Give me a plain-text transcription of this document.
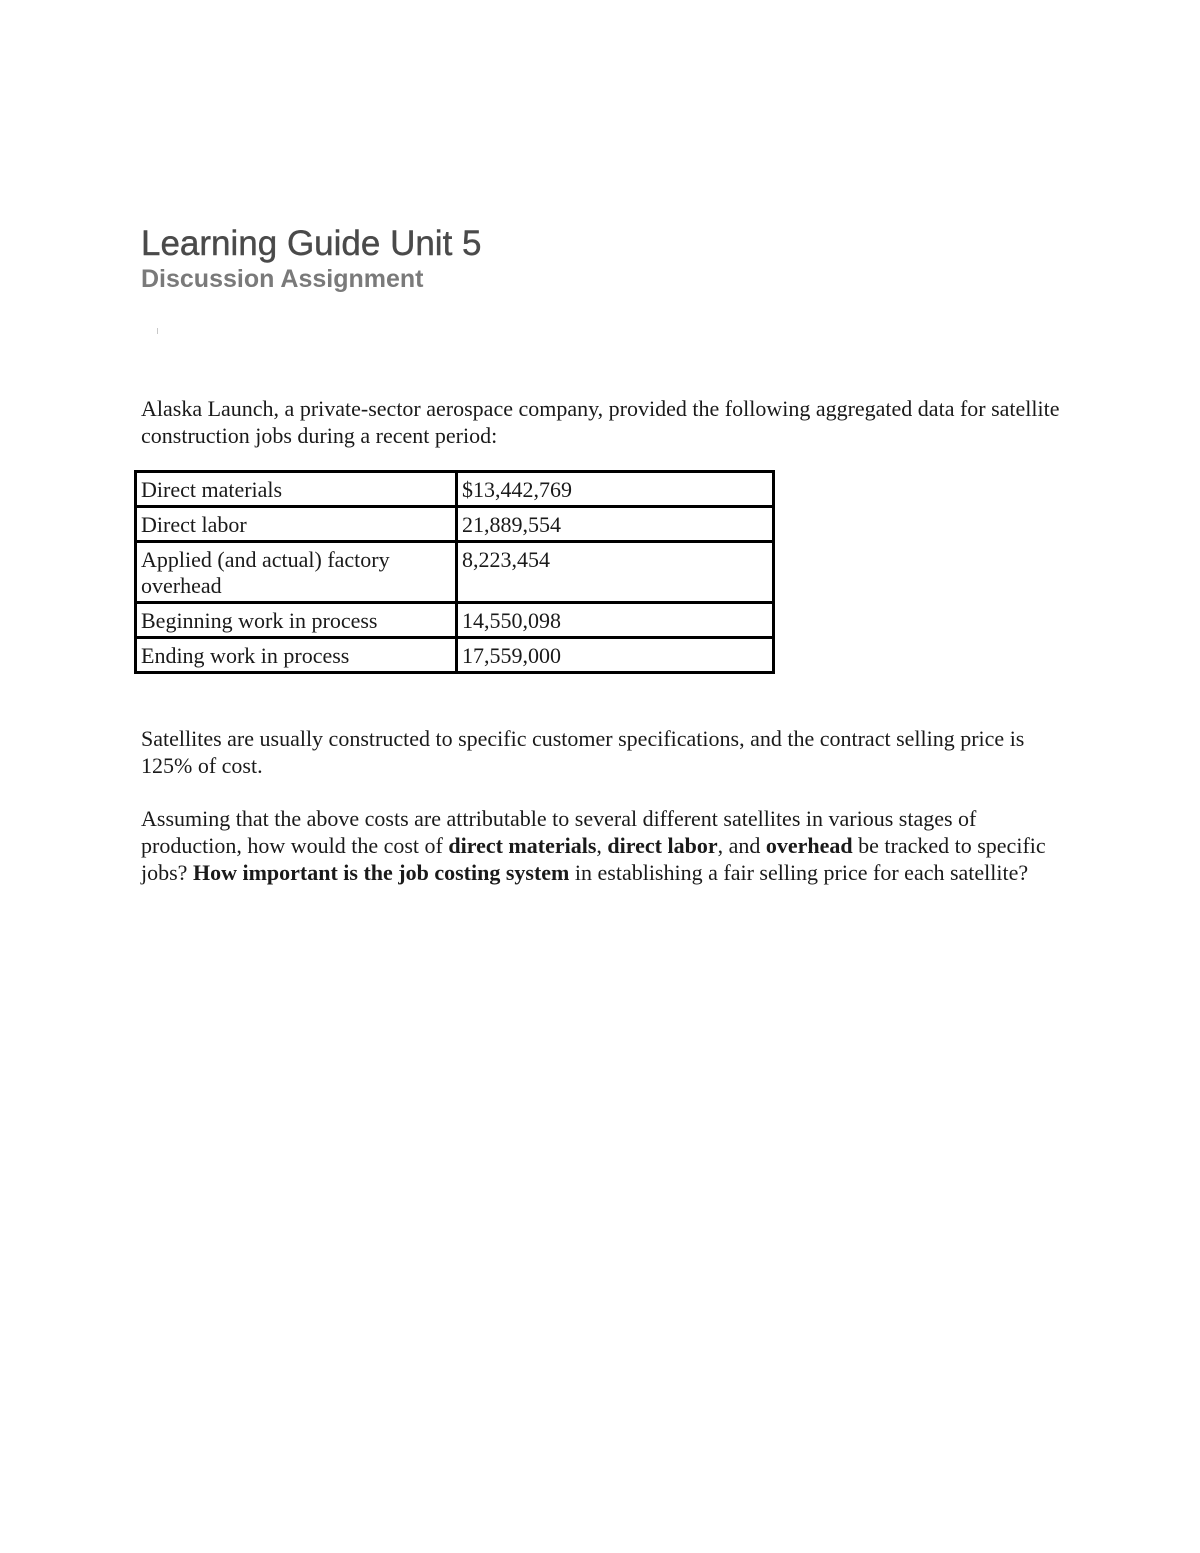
Learning Guide Unit 5
Discussion Assignment

Alaska Launch, a private-sector aerospace company, provided the following aggregated data for satellite construction jobs during a recent period:

Direct materials	$13,442,769
Direct labor	21,889,554
Applied (and actual) factory overhead	8,223,454
Beginning work in process	14,550,098
Ending work in process	17,559,000

Satellites are usually constructed to specific customer specifications, and the contract selling price is 125% of cost.

Assuming that the above costs are attributable to several different satellites in various stages of production, how would the cost of direct materials, direct labor, and overhead be tracked to specific jobs? How important is the job costing system in establishing a fair selling price for each satellite?
